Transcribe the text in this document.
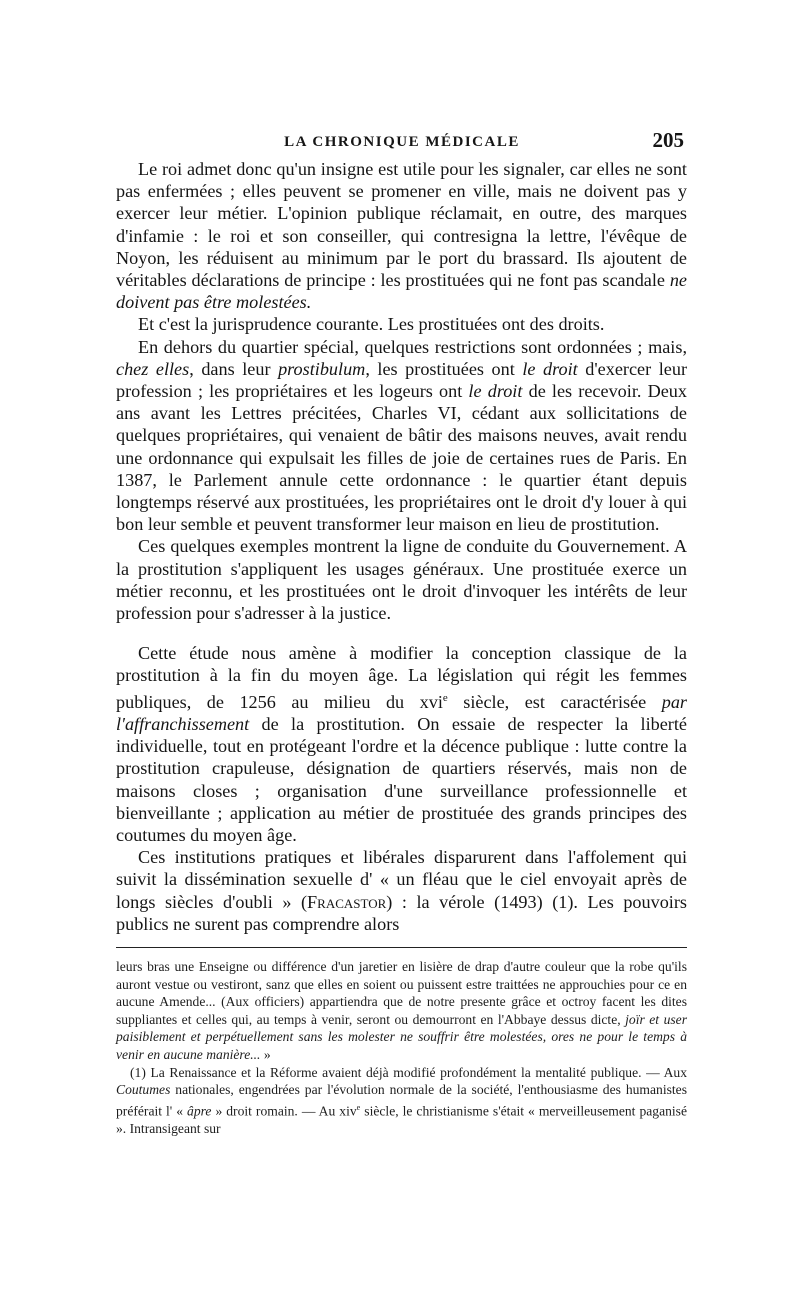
LA CHRONIQUE MÉDICALE	205

Le roi admet donc qu'un insigne est utile pour les signaler, car elles ne sont pas enfermées ; elles peuvent se promener en ville, mais ne doivent pas y exercer leur métier. L'opinion publique réclamait, en outre, des marques d'infamie : le roi et son conseiller, qui contresigna la lettre, l'évêque de Noyon, les réduisent au minimum par le port du brassard. Ils ajoutent de véritables déclarations de principe : les prostituées qui ne font pas scandale ne doivent pas être molestées.

Et c'est la jurisprudence courante. Les prostituées ont des droits.

En dehors du quartier spécial, quelques restrictions sont ordonnées ; mais, chez elles, dans leur prostibulum, les prostituées ont le droit d'exercer leur profession ; les propriétaires et les logeurs ont le droit de les recevoir. Deux ans avant les Lettres précitées, Charles VI, cédant aux sollicitations de quelques propriétaires, qui venaient de bâtir des maisons neuves, avait rendu une ordonnance qui expulsait les filles de joie de certaines rues de Paris. En 1387, le Parlement annule cette ordonnance : le quartier étant depuis longtemps réservé aux prostituées, les propriétaires ont le droit d'y louer à qui bon leur semble et peuvent transformer leur maison en lieu de prostitution.

Ces quelques exemples montrent la ligne de conduite du Gouvernement. A la prostitution s'appliquent les usages généraux. Une prostituée exerce un métier reconnu, et les prostituées ont le droit d'invoquer les intérêts de leur profession pour s'adresser à la justice.

Cette étude nous amène à modifier la conception classique de la prostitution à la fin du moyen âge. La législation qui régit les femmes publiques, de 1256 au milieu du xvi$^e$ siècle, est caractérisée par l'affranchissement de la prostitution. On essaie de respecter la liberté individuelle, tout en protégeant l'ordre et la décence publique : lutte contre la prostitution crapuleuse, désignation de quartiers réservés, mais non de maisons closes ; organisation d'une surveillance professionnelle et bienveillante ; application au métier de prostituée des grands principes des coutumes du moyen âge.

Ces institutions pratiques et libérales disparurent dans l'affolement qui suivit la dissémination sexuelle d' « un fléau que le ciel envoyait après de longs siècles d'oubli » (Fracastor) : la vérole (1493) (1). Les pouvoirs publics ne surent pas comprendre alors

leurs bras une Enseigne ou différence d'un jaretier en lisière de drap d'autre couleur que la robe qu'ils auront vestue ou vestiront, sanz que elles en soient ou puissent estre traittées ne approuchies pour ce en aucune Amende... (Aux officiers) appartiendra que de notre presente grâce et octroy facent les dites suppliantes et celles qui, au temps à venir, seront ou demourront en l'Abbaye dessus dicte, joïr et user paisiblement et perpétuellement sans les molester ne souffrir être molestées, ores ne pour le temps à venir en aucune manière... »

(1) La Renaissance et la Réforme avaient déjà modifié profondément la mentalité publique. — Aux Coutumes nationales, engendrées par l'évolution normale de la société, l'enthousiasme des humanistes préférait l' « âpre » droit romain. — Au xiv$^e$ siècle, le christianisme s'était « merveilleusement paganisé ». Intransigeant sur
